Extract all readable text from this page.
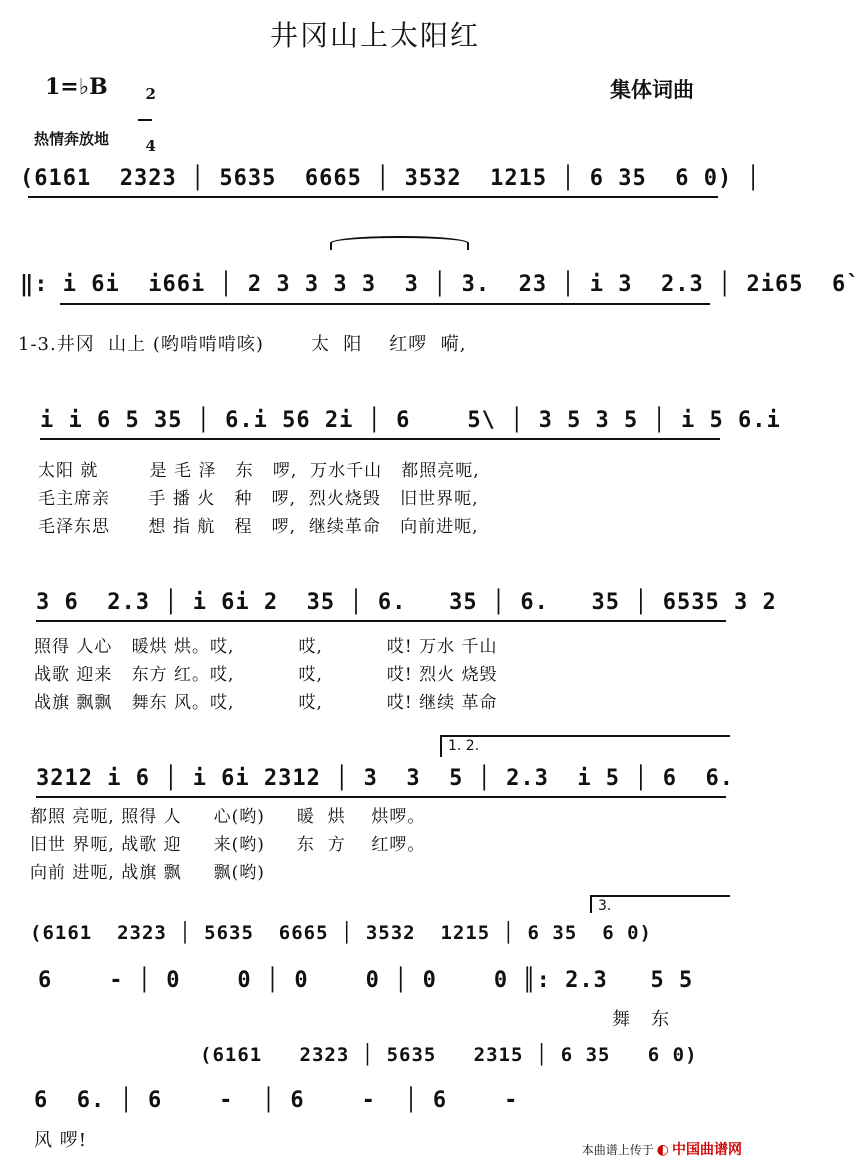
井冈山上太阳红
1=♭B	2

4

集体词曲
热情奔放地
(6161  2323 │ 5635  6665 │ 3532  1215 │ 6 35  6 0) │
‖: i 6i  i66i │ 2 3 3 3 3  3 │ 3.  23 │ i 3  2.3 │ 2i65  6`
1-3.井冈  山上 (哟啃啃啃咳)       太  阳    红啰  嗬,
i i 6 5 35 │ 6.i 56 2i │ 6    5\ │ 3 5 3 5 │ i 5 6.i
太阳 就        是 毛 泽   东   啰,  万水千山   都照亮呃,
毛主席亲      手 播 火   种   啰,  烈火烧毁   旧世界呃,
毛泽东思      想 指 航   程   啰,  继续革命   向前进呃,
3 6  2.3 │ i 6i 2  35 │ 6.   35 │ 6.   35 │ 6535 3 2
照得 人心   暖烘 烘。哎,          哎,          哎! 万水 千山
战歌 迎来   东方 红。哎,          哎,          哎! 烈火 烧毁
战旗 飘飘   舞东 风。哎,          哎,          哎! 继续 革命
1. 2.
3212 i 6 │ i 6i 2312 │ 3  3  5 │ 2.3  i 5 │ 6  6.
都照 亮呃, 照得 人     心(哟)     暖  烘    烘啰。
旧世 界呃, 战歌 迎     来(哟)     东  方    红啰。
向前 进呃, 战旗 飘     飘(哟)
3.
(6161  2323 │ 5635  6665 │ 3532  1215 │ 6 35  6 0)
6    - │ 0    0 │ 0    0 │ 0    0 ║: 2.3   5 5
舞   东
(6161   2323 │ 5635   2315 │ 6 35   6 0)
6  6. │ 6    -  │ 6    -  │ 6    -
风 啰!	本曲谱上传于 ◐ 中国曲谱网
